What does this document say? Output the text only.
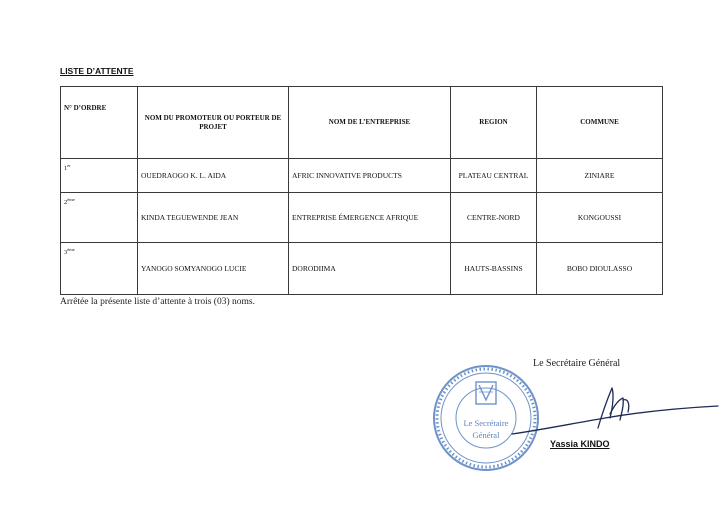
LISTE D’ATTENTE
N° D’ORDRE	NOM DU PROMOTEUR OU PORTEUR DE PROJET	NOM DE L’ENTREPRISE	REGION	COMMUNE
1er	OUEDRAOGO K. L. AIDA	AFRIC INNOVATIVE PRODUCTS	PLATEAU CENTRAL	ZINIARE
2ème	KINDA TEGUEWENDE JEAN	ENTREPRISE ÉMERGENCE AFRIQUE	CENTRE-NORD	KONGOUSSI
3ème	YANOGO SOMYANOGO LUCIE	DORODIIMA	HAUTS-BASSINS	BOBO DIOULASSO
Arrêtée la présente liste d’attente à trois (03) noms.
Le Secrétaire Général
Le Secrétaire
Général
Yassia KINDO
